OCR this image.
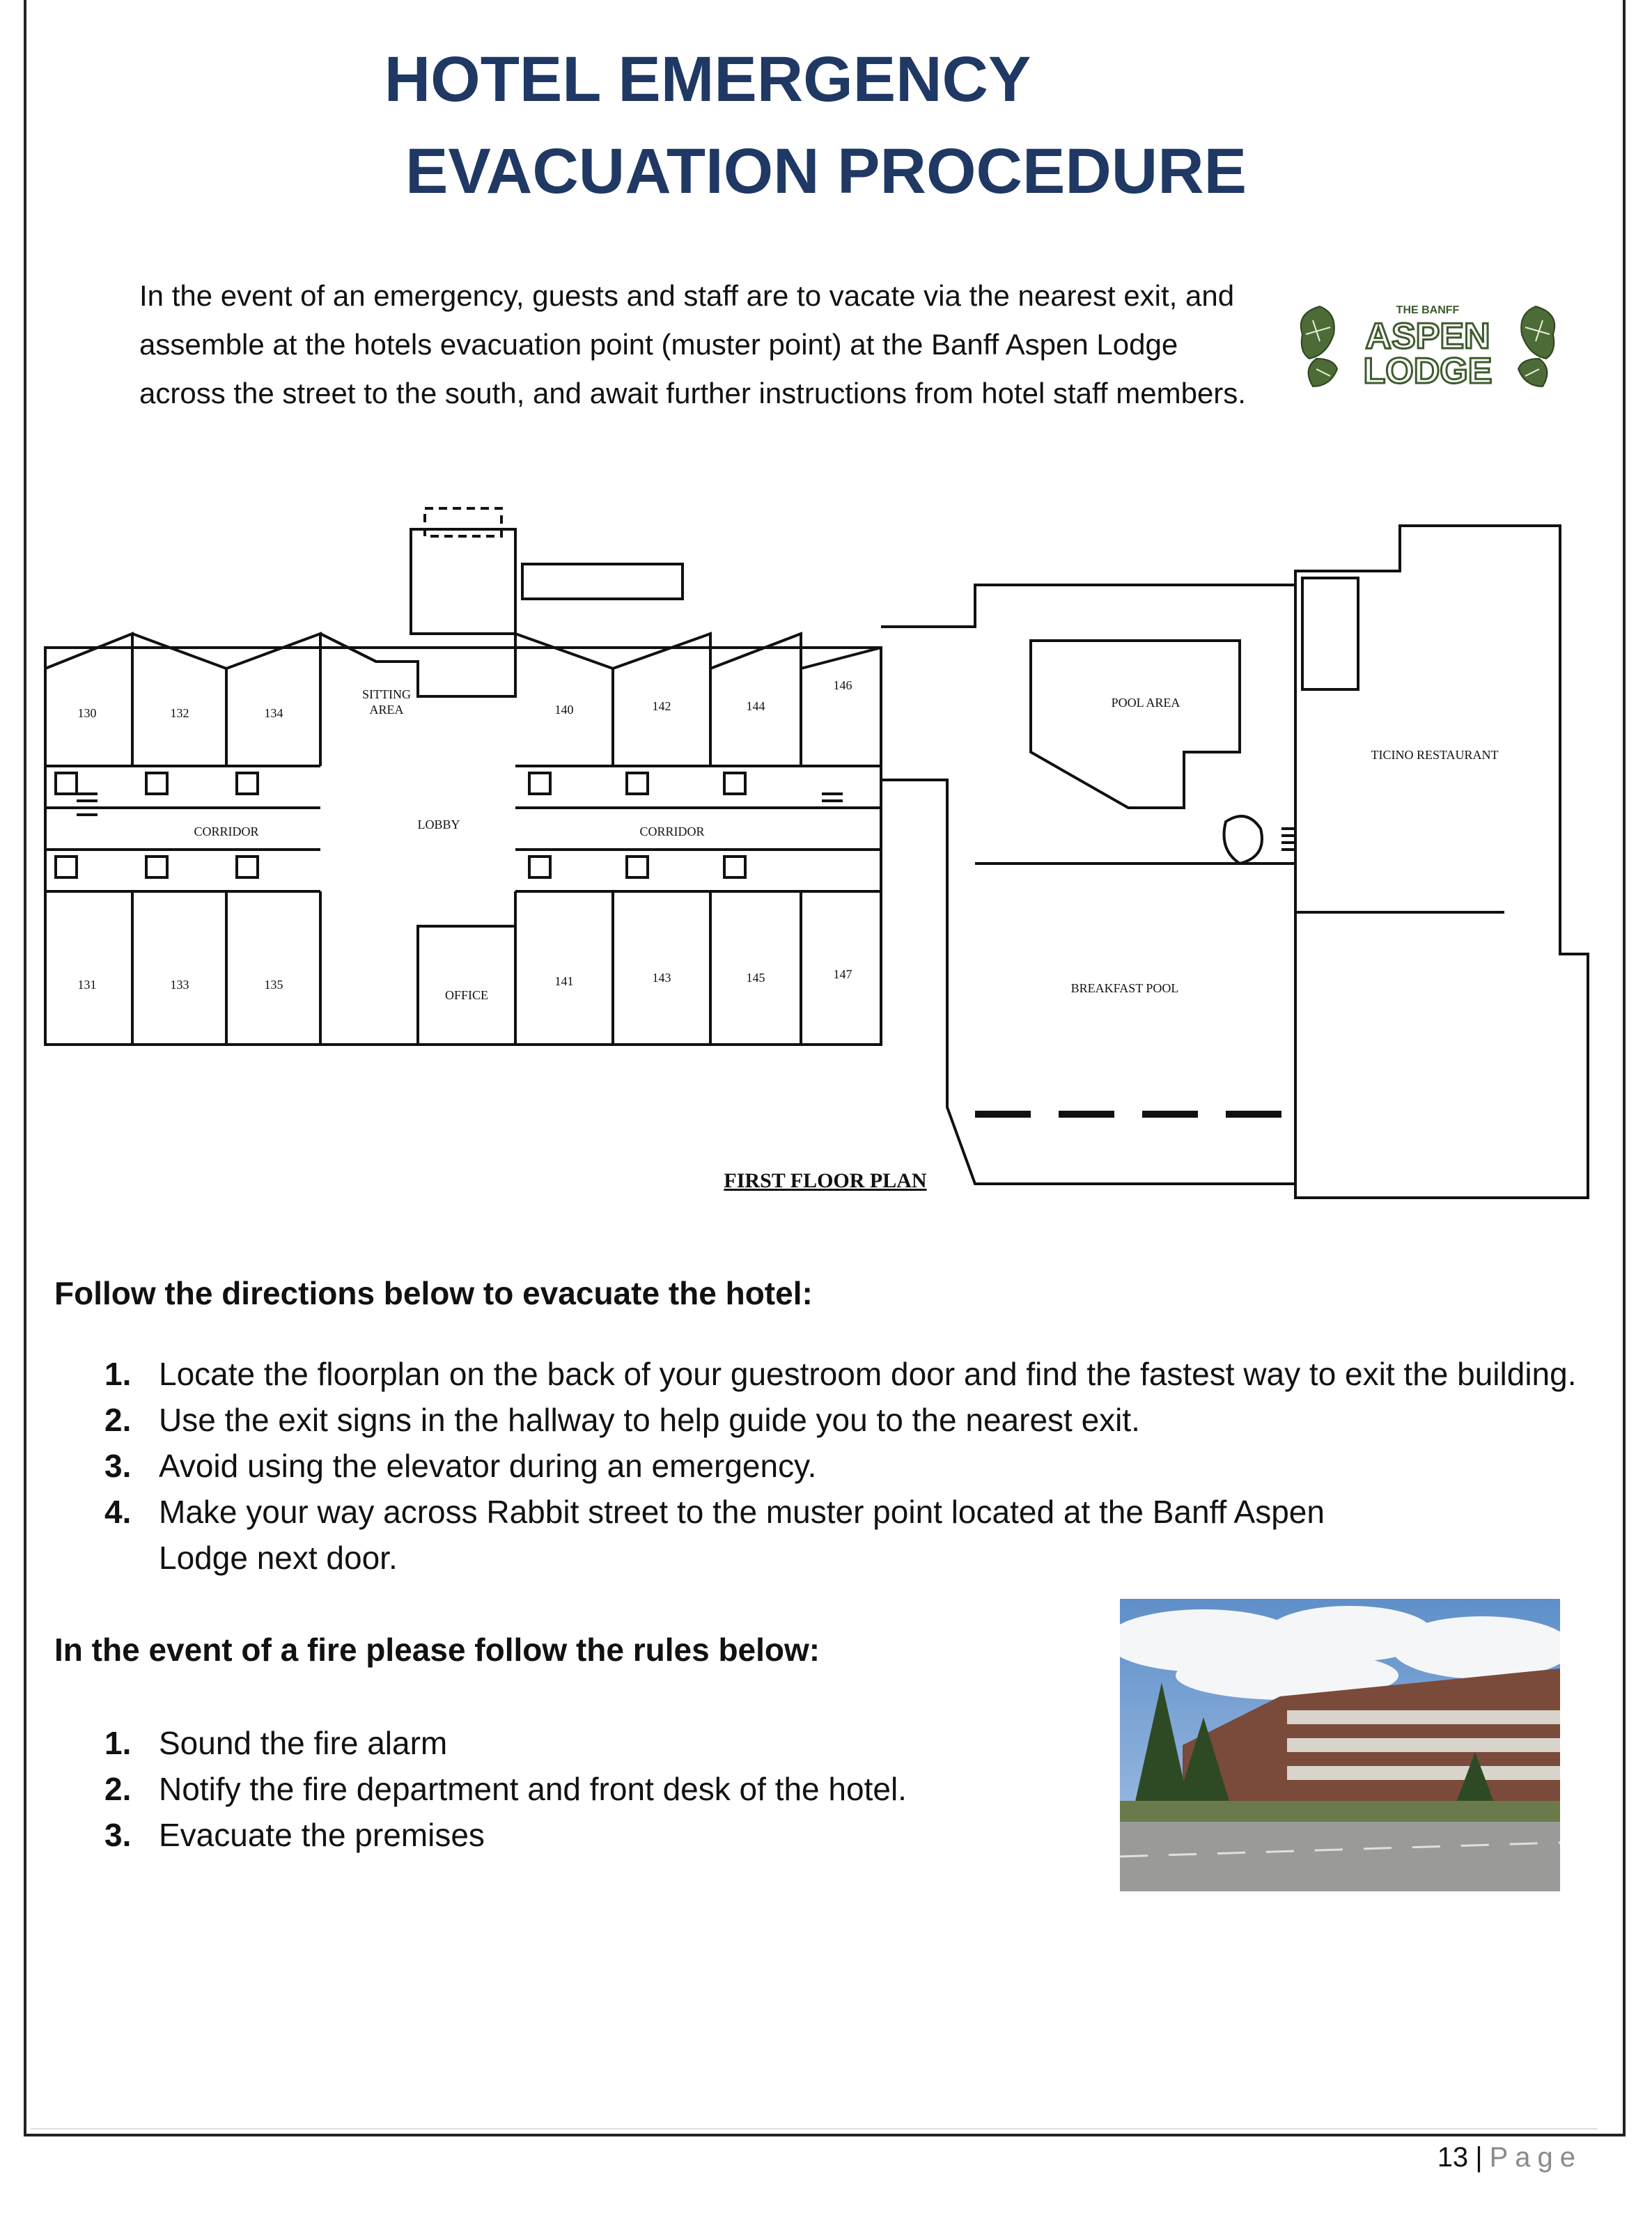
HOTEL EMERGENCY
EVACUATION PROCEDURE
In the event of an emergency, guests and staff are to vacate via the nearest exit, and assemble at the hotels evacuation point (muster point) at the Banff Aspen Lodge across the street to the south, and await further instructions from hotel staff members.
THE BANFF
ASPEN
LODGE
130	132	134	140	142	144
146
131	133	135	141	143	145	147
SITTING
AREA
LOBBY
CORRIDOR	CORRIDOR
OFFICE
POOL AREA
BREAKFAST POOL
TICINO RESTAURANT
FIRST FLOOR PLAN
Follow the directions below to evacuate the hotel:
1. Locate the floorplan on the back of your guestroom door and find the fastest way to exit the building.
2. Use the exit signs in the hallway to help guide you to the nearest exit.
3. Avoid using the elevator during an emergency.
4. Make your way across Rabbit street to the muster point located at the Banff Aspen Lodge next door.
In the event of a fire please follow the rules below:
1. Sound the fire alarm
2. Notify the fire department and front desk of the hotel.
3. Evacuate the premises
13 | Page
